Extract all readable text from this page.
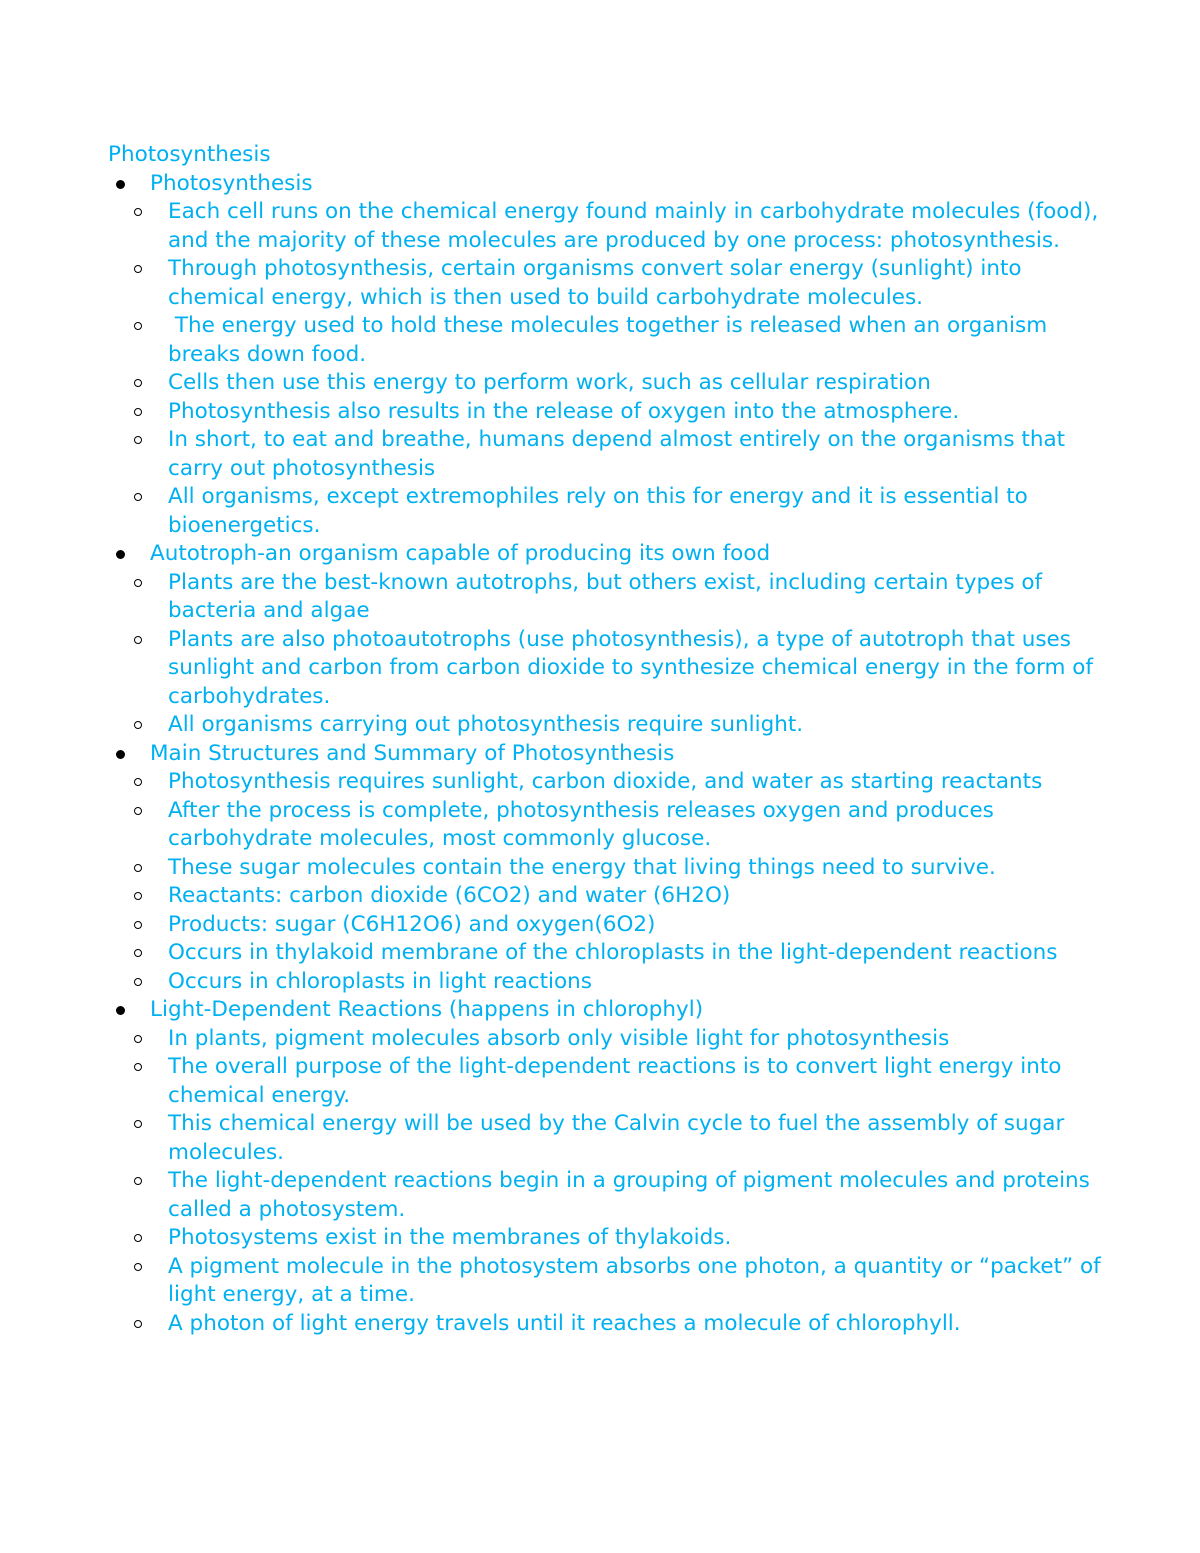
Photosynthesis
Photosynthesis
Each cell runs on the chemical energy found mainly in carbohydrate molecules (food), and the majority of these molecules are produced by one process: photosynthesis.
Through photosynthesis, certain organisms convert solar energy (sunlight) into chemical energy, which is then used to build carbohydrate molecules.
The energy used to hold these molecules together is released when an organism breaks down food.
Cells then use this energy to perform work, such as cellular respiration
Photosynthesis also results in the release of oxygen into the atmosphere.
In short, to eat and breathe, humans depend almost entirely on the organisms that carry out photosynthesis
All organisms, except extremophiles rely on this for energy and it is essential to bioenergetics.
Autotroph-an organism capable of producing its own food
Plants are the best-known autotrophs, but others exist, including certain types of bacteria and algae
Plants are also photoautotrophs (use photosynthesis), a type of autotroph that uses sunlight and carbon from carbon dioxide to synthesize chemical energy in the form of carbohydrates.
All organisms carrying out photosynthesis require sunlight.
Main Structures and Summary of Photosynthesis
Photosynthesis requires sunlight, carbon dioxide, and water as starting reactants
After the process is complete, photosynthesis releases oxygen and produces carbohydrate molecules, most commonly glucose.
These sugar molecules contain the energy that living things need to survive.
Reactants: carbon dioxide (6CO2) and water (6H2O)
Products: sugar (C6H12O6) and oxygen(6O2)
Occurs in thylakoid membrane of the chloroplasts in the light-dependent reactions
Occurs in chloroplasts in light reactions
Light-Dependent Reactions (happens in chlorophyl)
In plants, pigment molecules absorb only visible light for photosynthesis
The overall purpose of the light-dependent reactions is to convert light energy into chemical energy.
This chemical energy will be used by the Calvin cycle to fuel the assembly of sugar molecules.
The light-dependent reactions begin in a grouping of pigment molecules and proteins called a photosystem.
Photosystems exist in the membranes of thylakoids.
A pigment molecule in the photosystem absorbs one photon, a quantity or “packet” of light energy, at a time.
A photon of light energy travels until it reaches a molecule of chlorophyll.
